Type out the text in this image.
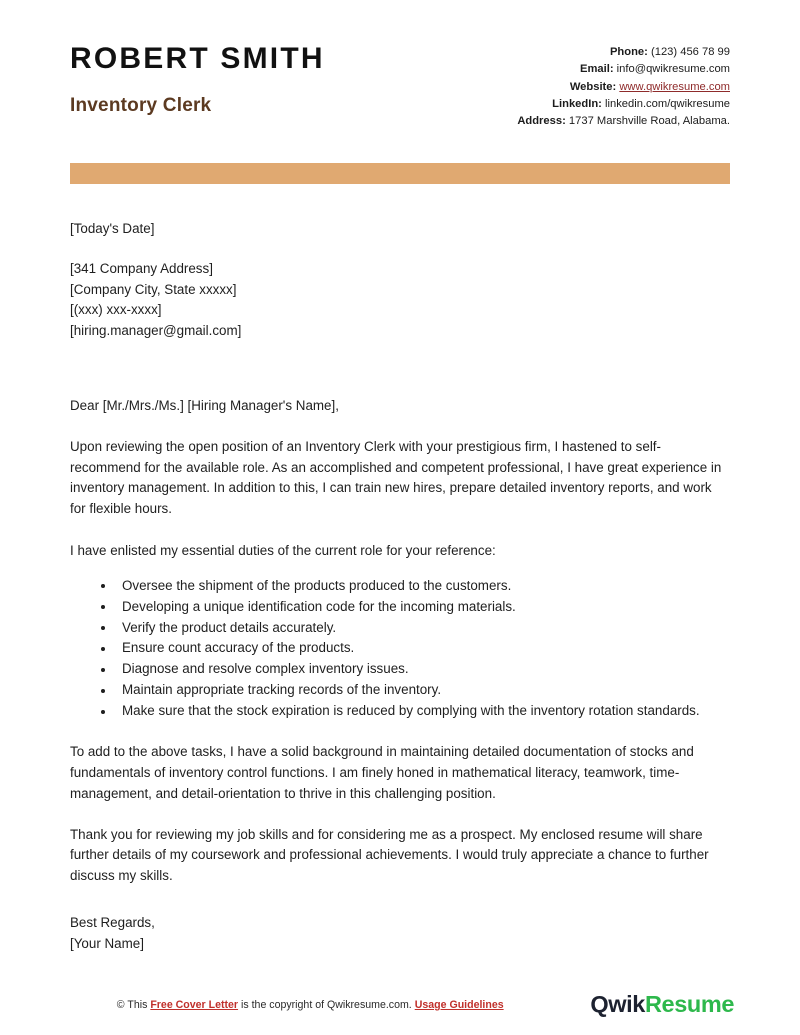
ROBERT SMITH
Inventory Clerk
Phone: (123) 456 78 99
Email: info@qwikresume.com
Website: www.qwikresume.com
LinkedIn: linkedin.com/qwikresume
Address: 1737 Marshville Road, Alabama.
[Today's Date]
[341 Company Address]
[Company City, State xxxxx]
[(xxx) xxx-xxxx]
[hiring.manager@gmail.com]
Dear [Mr./Mrs./Ms.] [Hiring Manager's Name],

Upon reviewing the open position of an Inventory Clerk with your prestigious firm, I hastened to self-recommend for the available role. As an accomplished and competent professional, I have great experience in inventory management. In addition to this, I can train new hires, prepare detailed inventory reports, and work for flexible hours.

I have enlisted my essential duties of the current role for your reference:

Oversee the shipment of the products produced to the customers.
Developing a unique identification code for the incoming materials.
Verify the product details accurately.
Ensure count accuracy of the products.
Diagnose and resolve complex inventory issues.
Maintain appropriate tracking records of the inventory.
Make sure that the stock expiration is reduced by complying with the inventory rotation standards.

To add to the above tasks, I have a solid background in maintaining detailed documentation of stocks and fundamentals of inventory control functions. I am finely honed in mathematical literacy, teamwork, time-management, and detail-orientation to thrive in this challenging position.

Thank you for reviewing my job skills and for considering me as a prospect. My enclosed resume will share further details of my coursework and professional achievements. I would truly appreciate a chance to further discuss my skills.

Best Regards,
[Your Name]
© This Free Cover Letter is the copyright of Qwikresume.com. Usage Guidelines	QwikResume
